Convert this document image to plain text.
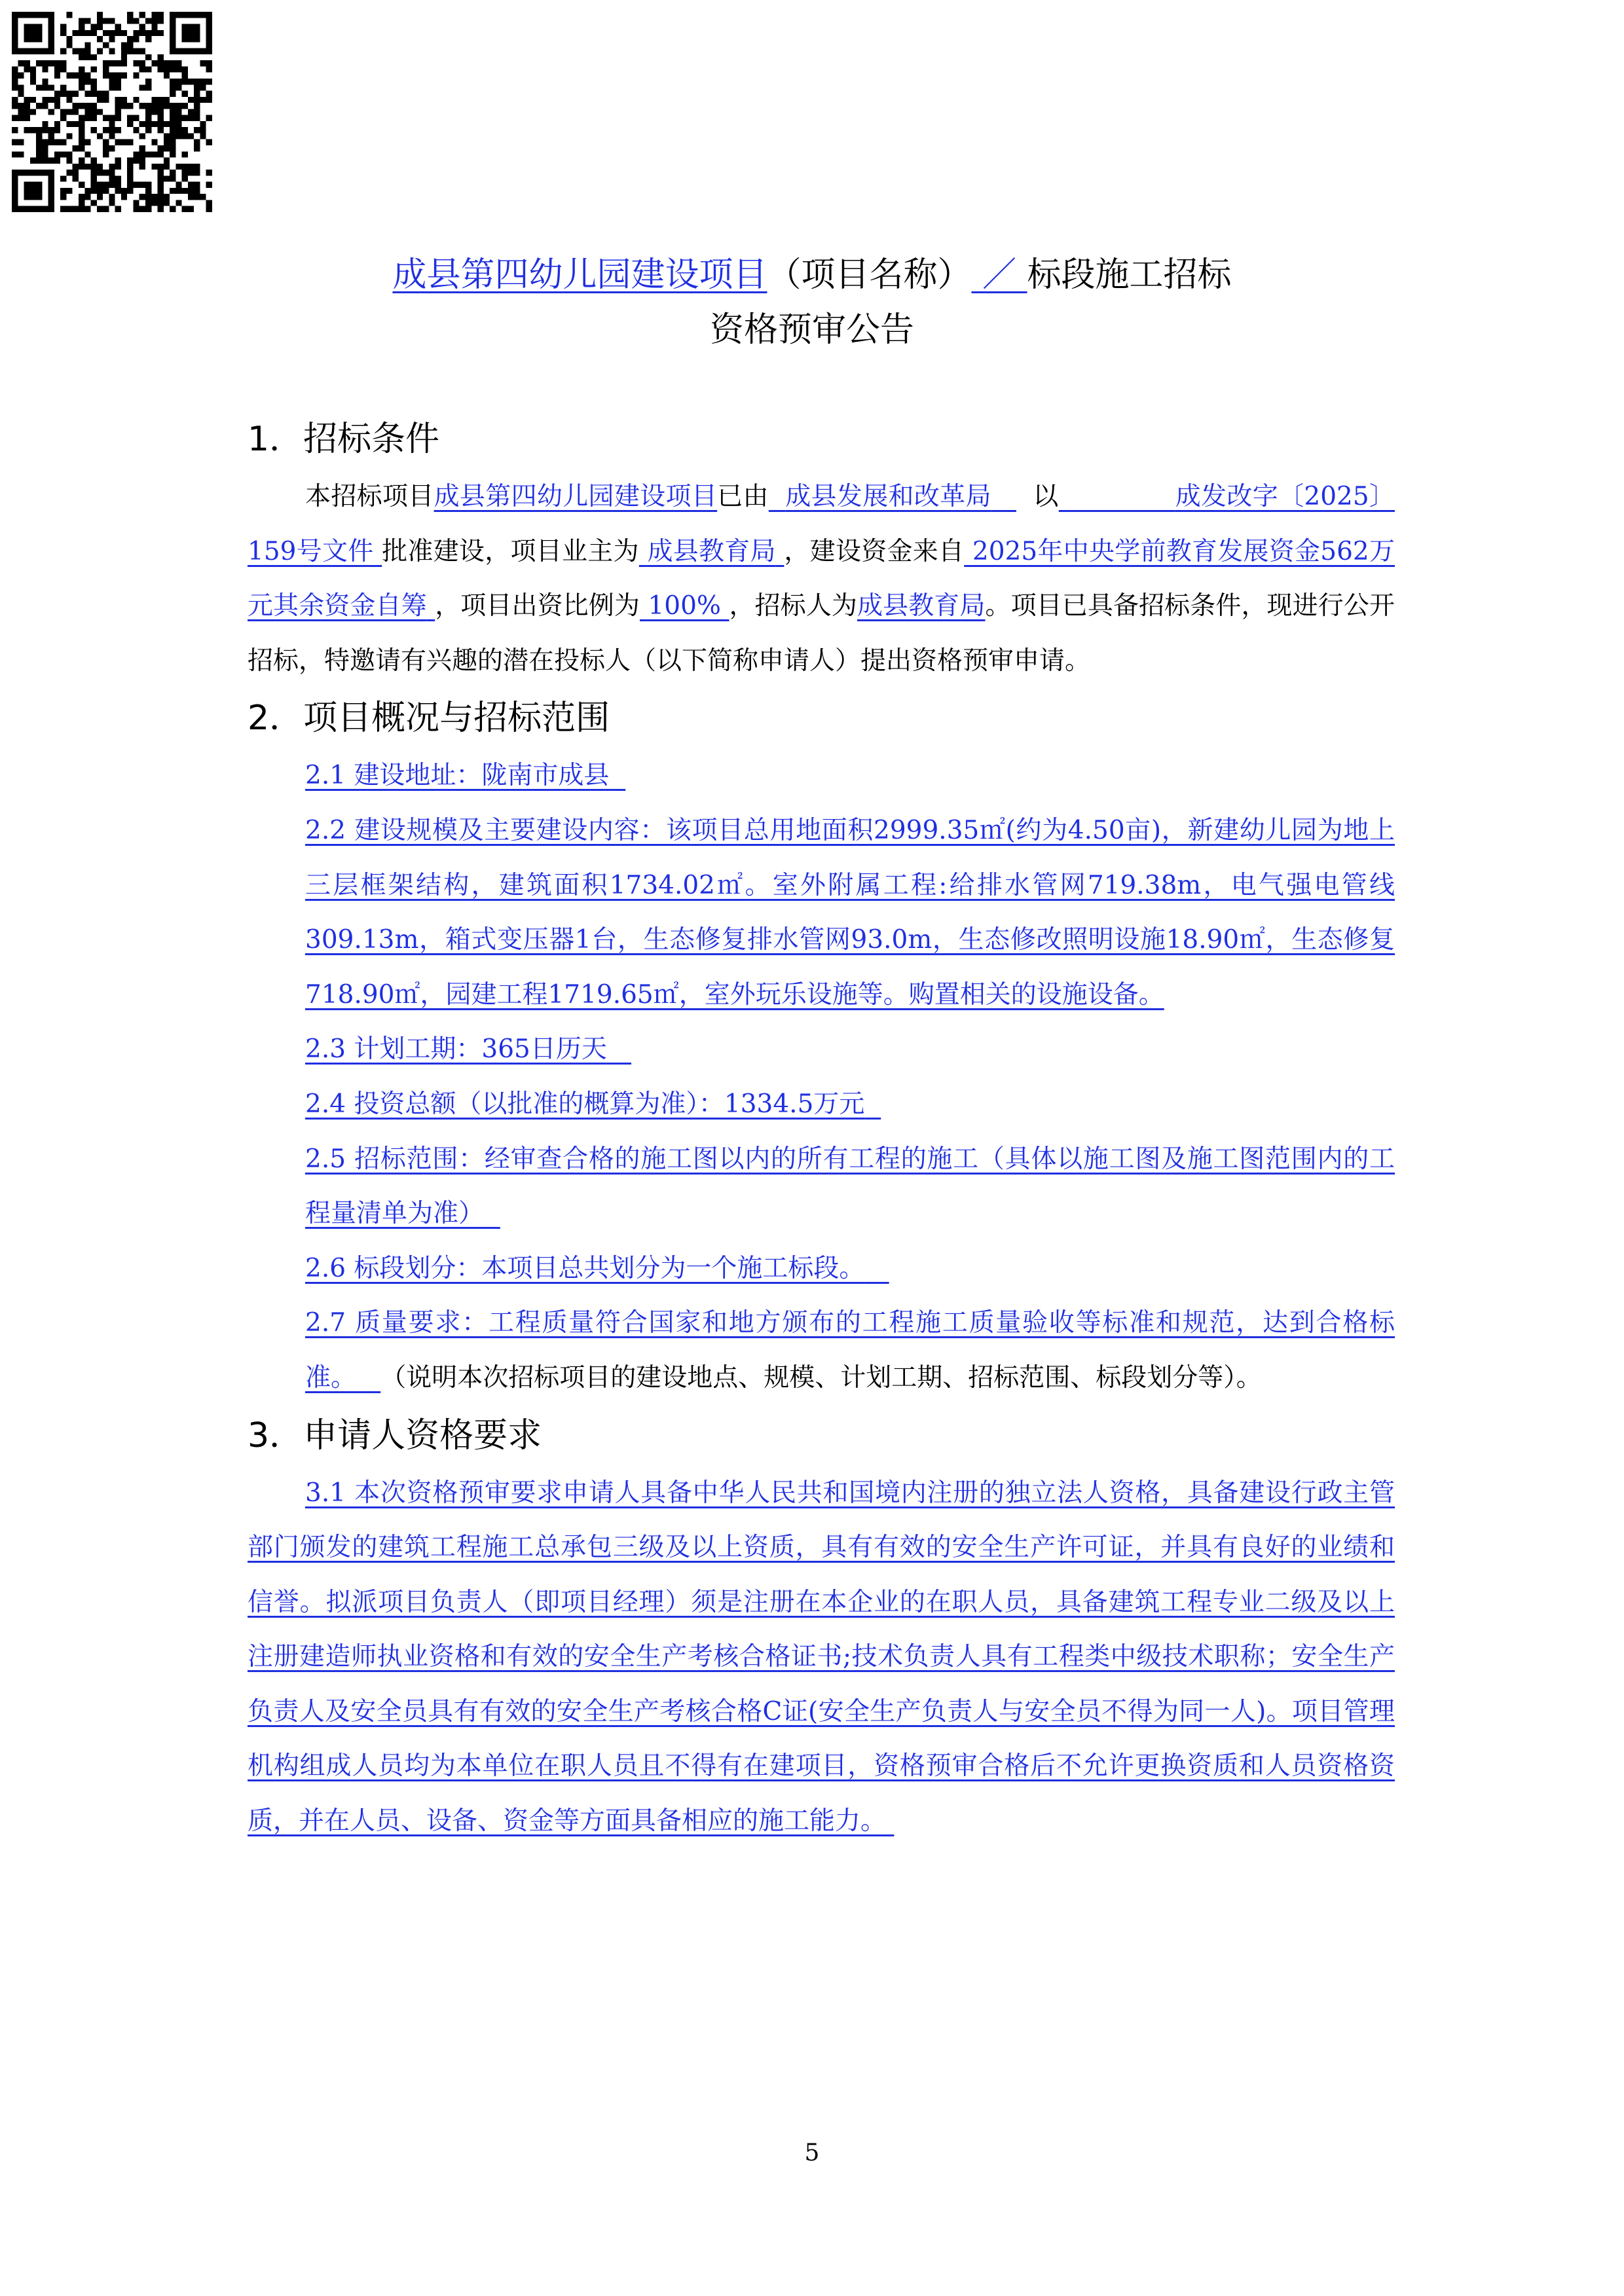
成县第四幼儿园建设项目（项目名称） ／ 标段施工招标
资格预审公告
1．招标条件

本招标项目成县第四幼儿园建设项目已由 成县发展和改革局 以	成发改字〔2025〕159号文件 批准建设，项目业主为 成县教育局 ，建设资金来自 2025年中央学前教育发展资金562万元其余资金自筹 ，项目出资比例为 100% ，招标人为成县教育局。项目已具备招标条件，现进行公开招标，特邀请有兴趣的潜在投标人（以下简称申请人）提出资格预审申请。

2．项目概况与招标范围

2.1 建设地址：陇南市成县

2.2 建设规模及主要建设内容：该项目总用地面积2999.35㎡(约为4.50亩)，新建幼儿园为地上三层框架结构，建筑面积1734.02㎡。室外附属工程:给排水管网719.38m，电气强电管线309.13m，箱式变压器1台，生态修复排水管网93.0m，生态修改照明设施18.90㎡，生态修复718.90㎡，园建工程1719.65㎡，室外玩乐设施等。购置相关的设施设备。

2.3 计划工期：365日历天

2.4 投资总额（以批准的概算为准）：1334.5万元

2.5 招标范围：经审查合格的施工图以内的所有工程的施工（具体以施工图及施工图范围内的工程量清单为准）

2.6 标段划分：本项目总共划分为一个施工标段。

2.7 质量要求：工程质量符合国家和地方颁布的工程施工质量验收等标准和规范，达到合格标准。 （说明本次招标项目的建设地点、规模、计划工期、招标范围、标段划分等）。

3．申请人资格要求

3.1 本次资格预审要求申请人具备中华人民共和国境内注册的独立法人资格，具备建设行政主管部门颁发的建筑工程施工总承包三级及以上资质，具有有效的安全生产许可证，并具有良好的业绩和信誉。拟派项目负责人（即项目经理）须是注册在本企业的在职人员，具备建筑工程专业二级及以上注册建造师执业资格和有效的安全生产考核合格证书;技术负责人具有工程类中级技术职称；安全生产负责人及安全员具有有效的安全生产考核合格C证(安全生产负责人与安全员不得为同一人)。项目管理机构组成人员均为本单位在职人员且不得有在建项目，资格预审合格后不允许更换资质和人员资格资质，并在人员、设备、资金等方面具备相应的施工能力。

5
